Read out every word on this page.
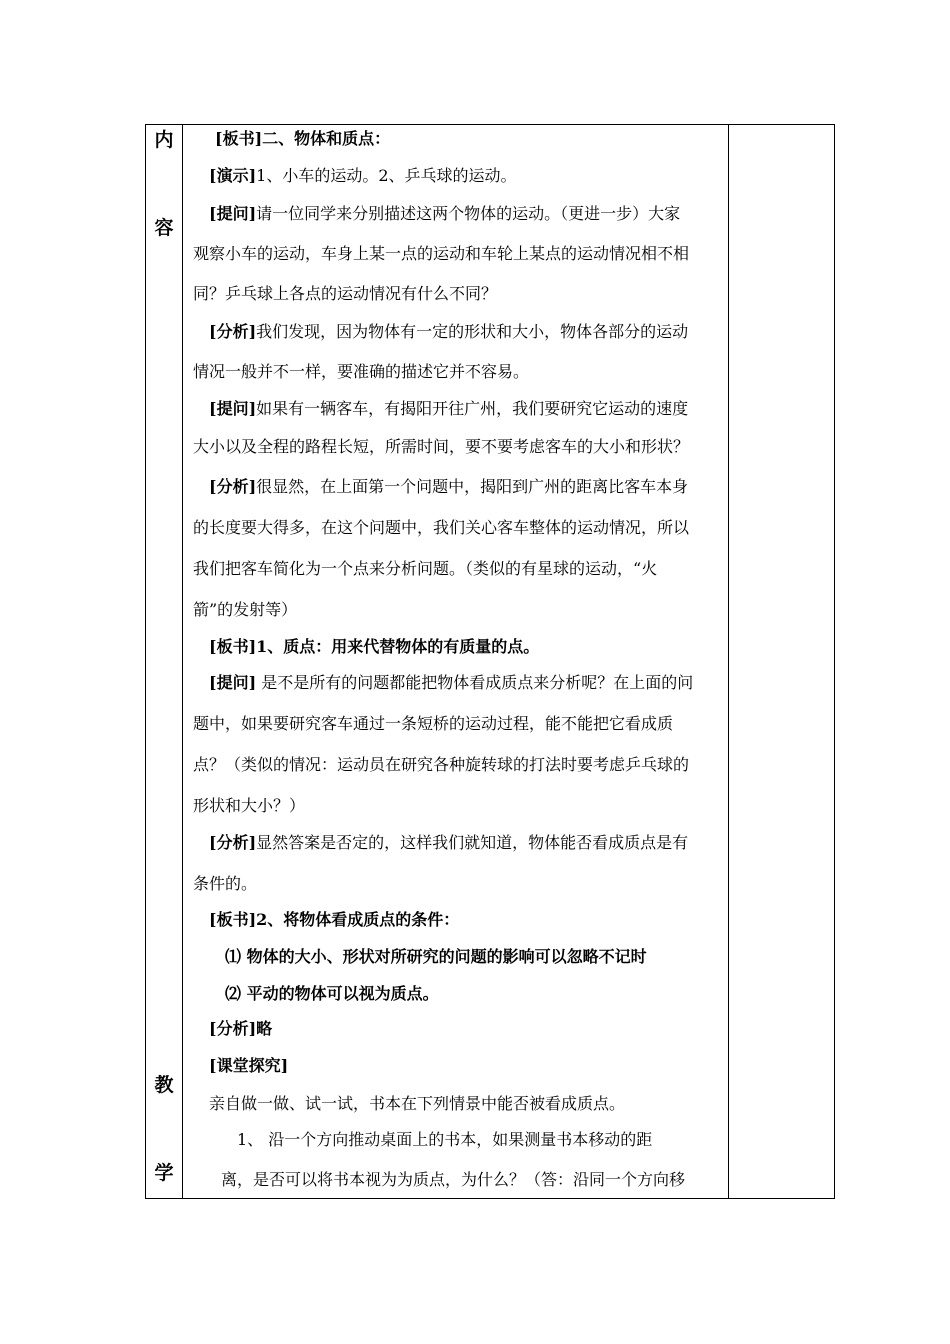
内
容
教
学
[板书]二、物体和质点：
[演示]1、小车的运动。2、乒乓球的运动。
[提问]请一位同学来分别描述这两个物体的运动。（更进一步）大家
观察小车的运动，车身上某一点的运动和车轮上某点的运动情况相不相
同？乒乓球上各点的运动情况有什么不同？
[分析]我们发现，因为物体有一定的形状和大小，物体各部分的运动
情况一般并不一样，要准确的描述它并不容易。
[提问]如果有一辆客车，有揭阳开往广州，我们要研究它运动的速度
大小以及全程的路程长短，所需时间，要不要考虑客车的大小和形状？
[分析]很显然，在上面第一个问题中，揭阳到广州的距离比客车本身
的长度要大得多，在这个问题中，我们关心客车整体的运动情况，所以
我们把客车简化为一个点来分析问题。（类似的有星球的运动，“火
箭”的发射等）
[板书]1、质点：用来代替物体的有质量的点。
[提问] 是不是所有的问题都能把物体看成质点来分析呢？在上面的问
题中，如果要研究客车通过一条短桥的运动过程，能不能把它看成质
点？（类似的情况：运动员在研究各种旋转球的打法时要考虑乒乓球的
形状和大小？）
[分析]显然答案是否定的，这样我们就知道，物体能否看成质点是有
条件的。
[板书]2、将物体看成质点的条件：
⑴ 物体的大小、形状对所研究的问题的影响可以忽略不记时
⑵ 平动的物体可以视为质点。
[分析]略
[课堂探究]
亲自做一做、试一试，书本在下列情景中能否被看成质点。
1、 沿一个方向推动桌面上的书本，如果测量书本移动的距
离，是否可以将书本视为为质点，为什么？（答：沿同一个方向移
